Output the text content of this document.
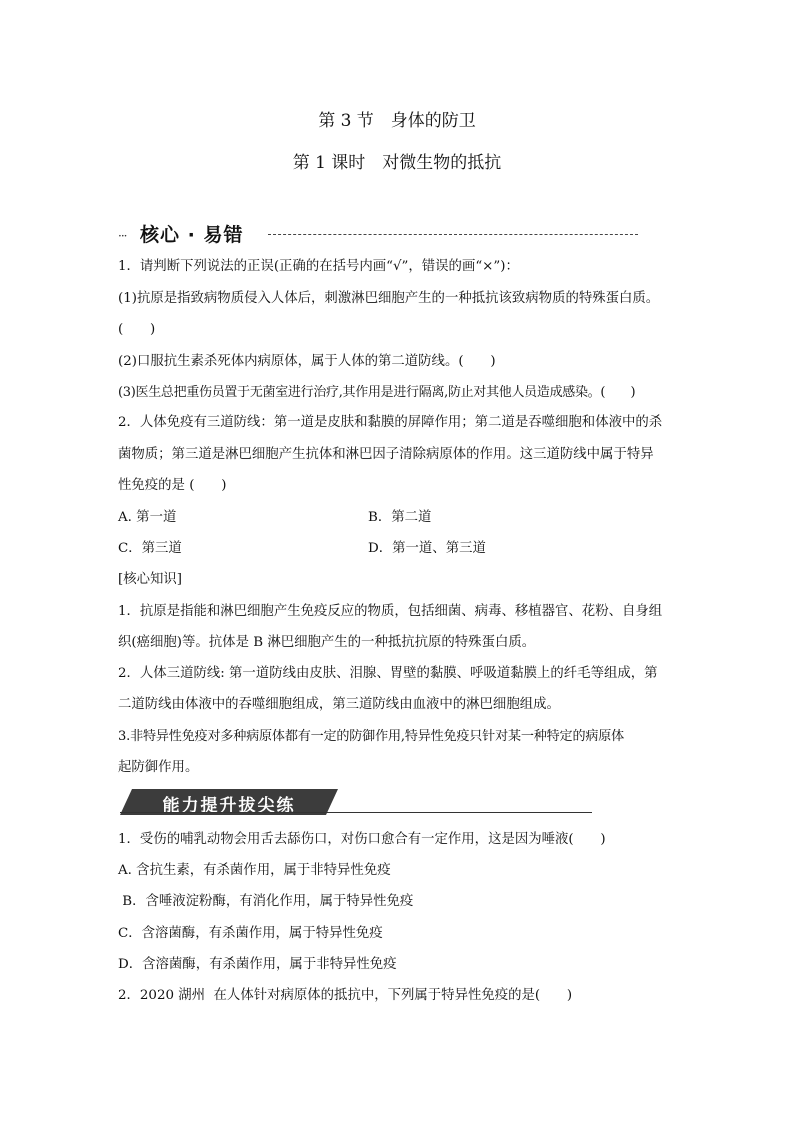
第 3 节　身体的防卫
第 1 课时　对微生物的抵抗
··· 核心 · 易错
1．请判断下列说法的正误(正确的在括号内画“√”，错误的画“×”)：
(1)抗原是指致病物质侵入人体后，刺激淋巴细胞产生的一种抵抗该致病物质的特殊蛋白质。
(　　)
(2)口服抗生素杀死体内病原体，属于人体的第二道防线。(　　)
(3)医生总把重伤员置于无菌室进行治疗,其作用是进行隔离,防止对其他人员造成感染。(　　)
2．人体免疫有三道防线：第一道是皮肤和黏膜的屏障作用；第二道是吞噬细胞和体液中的杀
菌物质；第三道是淋巴细胞产生抗体和淋巴因子清除病原体的作用。这三道防线中属于特异
性免疫的是 (　　)
A. 第一道	B．第二道
C．第三道	D．第一道、第三道
[核心知识]
1．抗原是指能和淋巴细胞产生免疫反应的物质，包括细菌、病毒、移植器官、花粉、自身组
织(癌细胞)等。抗体是 B 淋巴细胞产生的一种抵抗抗原的特殊蛋白质。
2．人体三道防线: 第一道防线由皮肤、泪腺、胃壁的黏膜、呼吸道黏膜上的纤毛等组成，第
二道防线由体液中的吞噬细胞组成，第三道防线由血液中的淋巴细胞组成。
3.非特异性免疫对多种病原体都有一定的防御作用,特异性免疫只针对某一种特定的病原体
起防御作用。
能力提升拔尖练
1．受伤的哺乳动物会用舌去舔伤口，对伤口愈合有一定作用，这是因为唾液(　　)
A. 含抗生素，有杀菌作用，属于非特异性免疫
B．含唾液淀粉酶，有消化作用，属于特异性免疫
C．含溶菌酶，有杀菌作用，属于特异性免疫
D．含溶菌酶，有杀菌作用，属于非特异性免疫
2．2020 湖州  在人体针对病原体的抵抗中，下列属于特异性免疫的是(　　)
